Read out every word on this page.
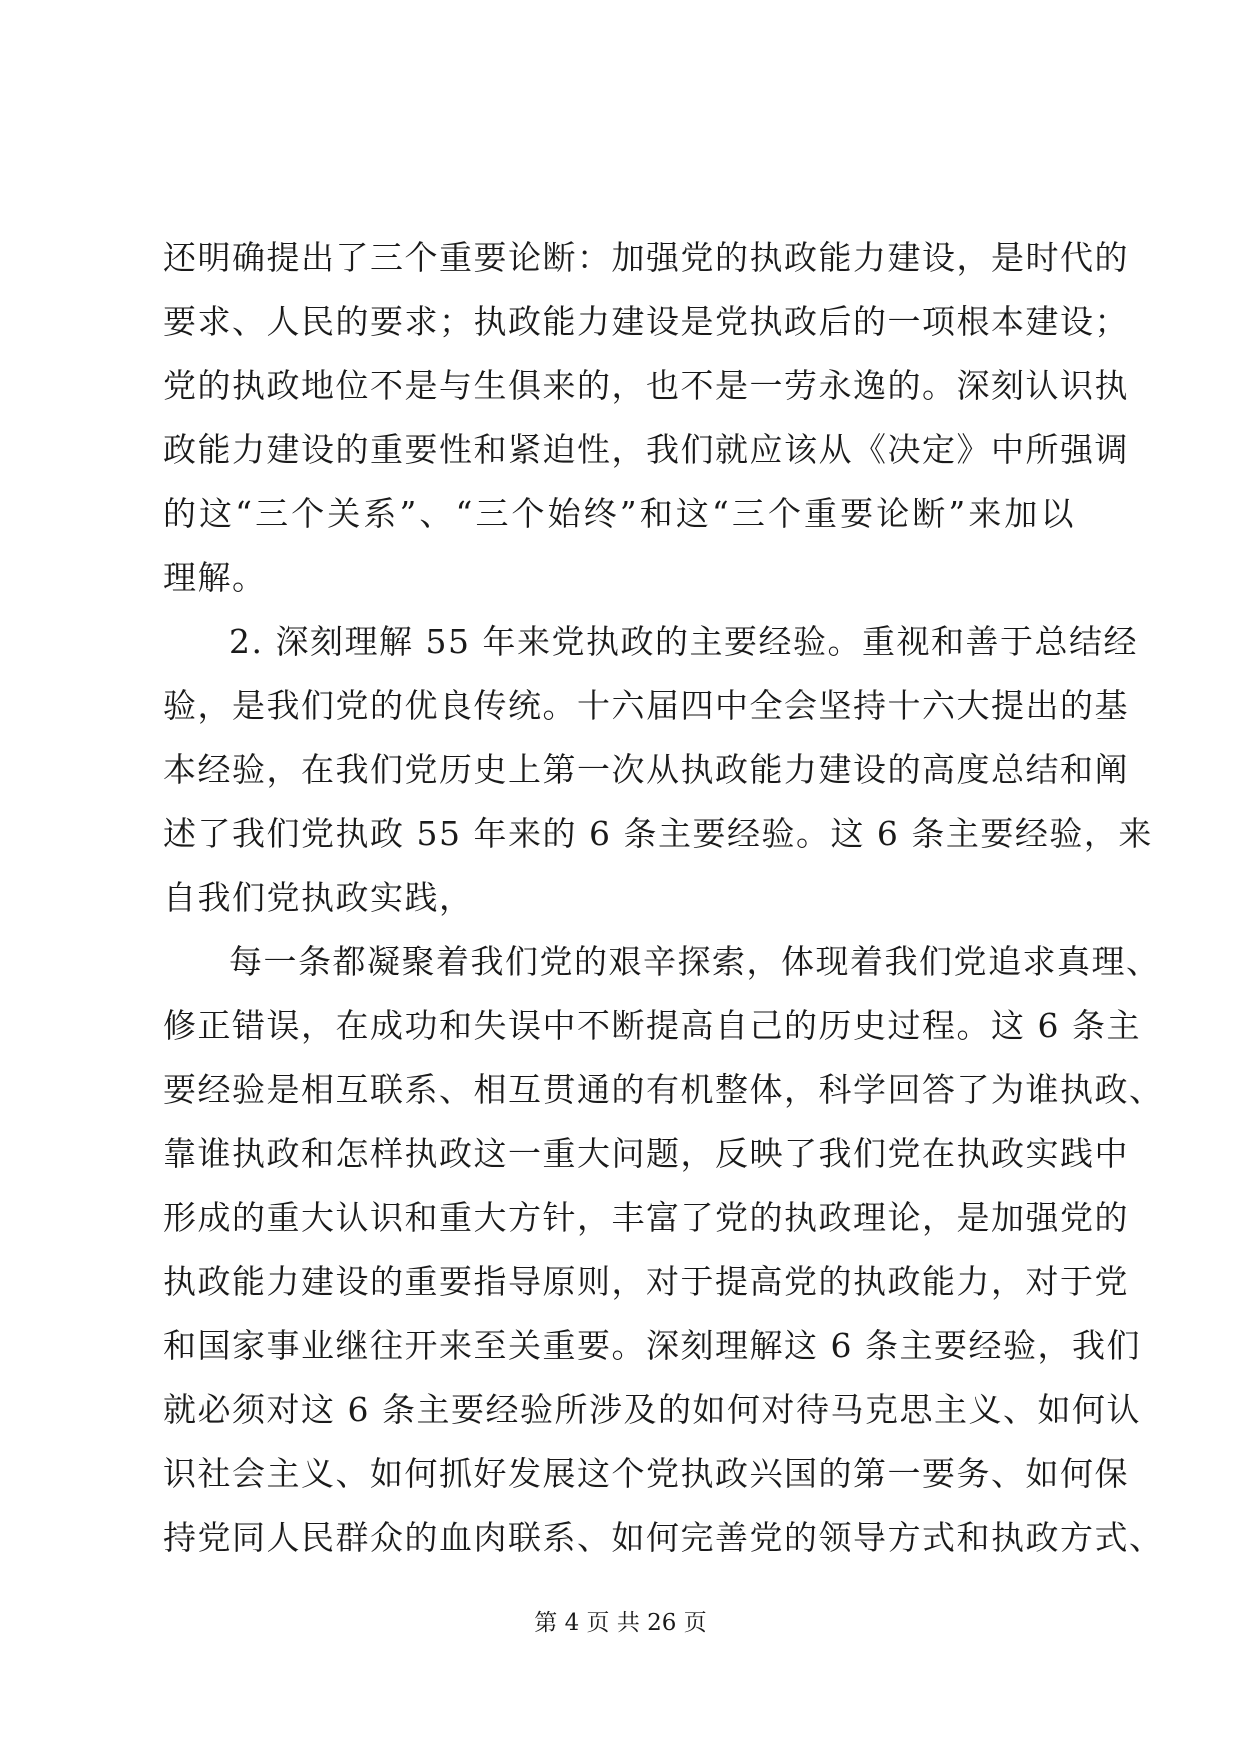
还明确提出了三个重要论断：加强党的执政能力建设，是时代的
要求、人民的要求；执政能力建设是党执政后的一项根本建设；
党的执政地位不是与生俱来的，也不是一劳永逸的。深刻认识执
政能力建设的重要性和紧迫性，我们就应该从《决定》中所强调
的这“三个关系”、“三个始终”和这“三个重要论断”来加以
理解。
2. 深刻理解 55 年来党执政的主要经验。重视和善于总结经
验，是我们党的优良传统。十六届四中全会坚持十六大提出的基
本经验，在我们党历史上第一次从执政能力建设的高度总结和阐
述了我们党执政 55 年来的 6 条主要经验。这 6 条主要经验，来
自我们党执政实践，
每一条都凝聚着我们党的艰辛探索，体现着我们党追求真理、
修正错误，在成功和失误中不断提高自己的历史过程。这 6 条主
要经验是相互联系、相互贯通的有机整体，科学回答了为谁执政、
靠谁执政和怎样执政这一重大问题，反映了我们党在执政实践中
形成的重大认识和重大方针，丰富了党的执政理论，是加强党的
执政能力建设的重要指导原则，对于提高党的执政能力，对于党
和国家事业继往开来至关重要。深刻理解这 6 条主要经验，我们
就必须对这 6 条主要经验所涉及的如何对待马克思主义、如何认
识社会主义、如何抓好发展这个党执政兴国的第一要务、如何保
持党同人民群众的血肉联系、如何完善党的领导方式和执政方式、
第 4 页 共 26 页
